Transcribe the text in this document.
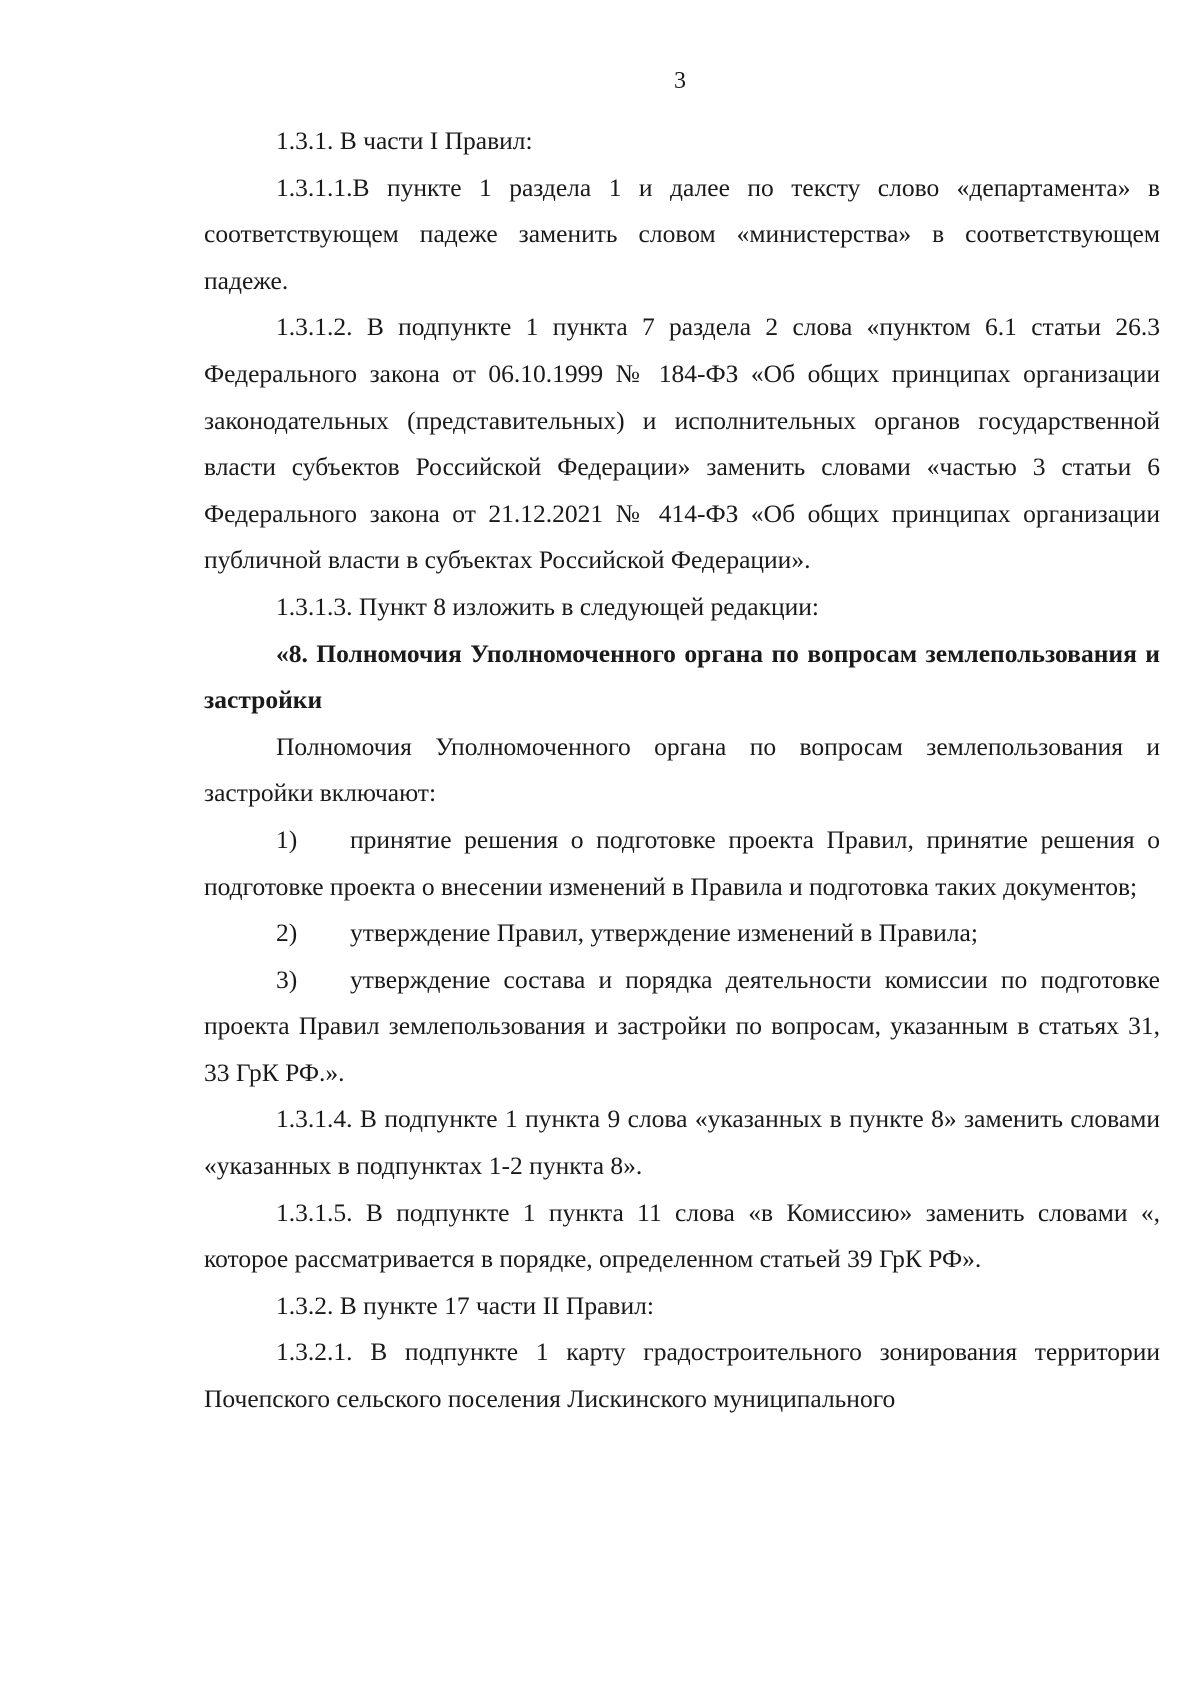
3

1.3.1. В части I Правил:

1.3.1.1.В пункте 1 раздела 1 и далее по тексту слово «департамента» в соответствующем падеже заменить словом «министерства» в соответствующем падеже.

1.3.1.2. В подпункте 1 пункта 7 раздела 2 слова «пунктом 6.1 статьи 26.3 Федерального закона от 06.10.1999 № 184-ФЗ «Об общих принципах организации законодательных (представительных) и исполнительных органов государственной власти субъектов Российской Федерации» заменить словами «частью 3 статьи 6 Федерального закона от 21.12.2021 № 414-ФЗ «Об общих принципах организации публичной власти в субъектах Российской Федерации».

1.3.1.3. Пункт 8 изложить в следующей редакции:

«8. Полномочия Уполномоченного органа по вопросам землепользования и застройки

Полномочия Уполномоченного органа по вопросам землепользования и застройки включают:

1) принятие решения о подготовке проекта Правил, принятие решения о подготовке проекта о внесении изменений в Правила и подготовка таких документов;

2) утверждение Правил, утверждение изменений в Правила;

3) утверждение состава и порядка деятельности комиссии по подготовке проекта Правил землепользования и застройки по вопросам, указанным в статьях 31, 33 ГрК РФ.».

1.3.1.4. В подпункте 1 пункта 9 слова «указанных в пункте 8» заменить словами «указанных в подпунктах 1-2 пункта 8».

1.3.1.5. В подпункте 1 пункта 11 слова «в Комиссию» заменить словами «, которое рассматривается в порядке, определенном статьей 39 ГрК РФ».

1.3.2. В пункте 17 части II Правил:

1.3.2.1. В подпункте 1 карту градостроительного зонирования территории Почепского сельского поселения Лискинского муниципального
